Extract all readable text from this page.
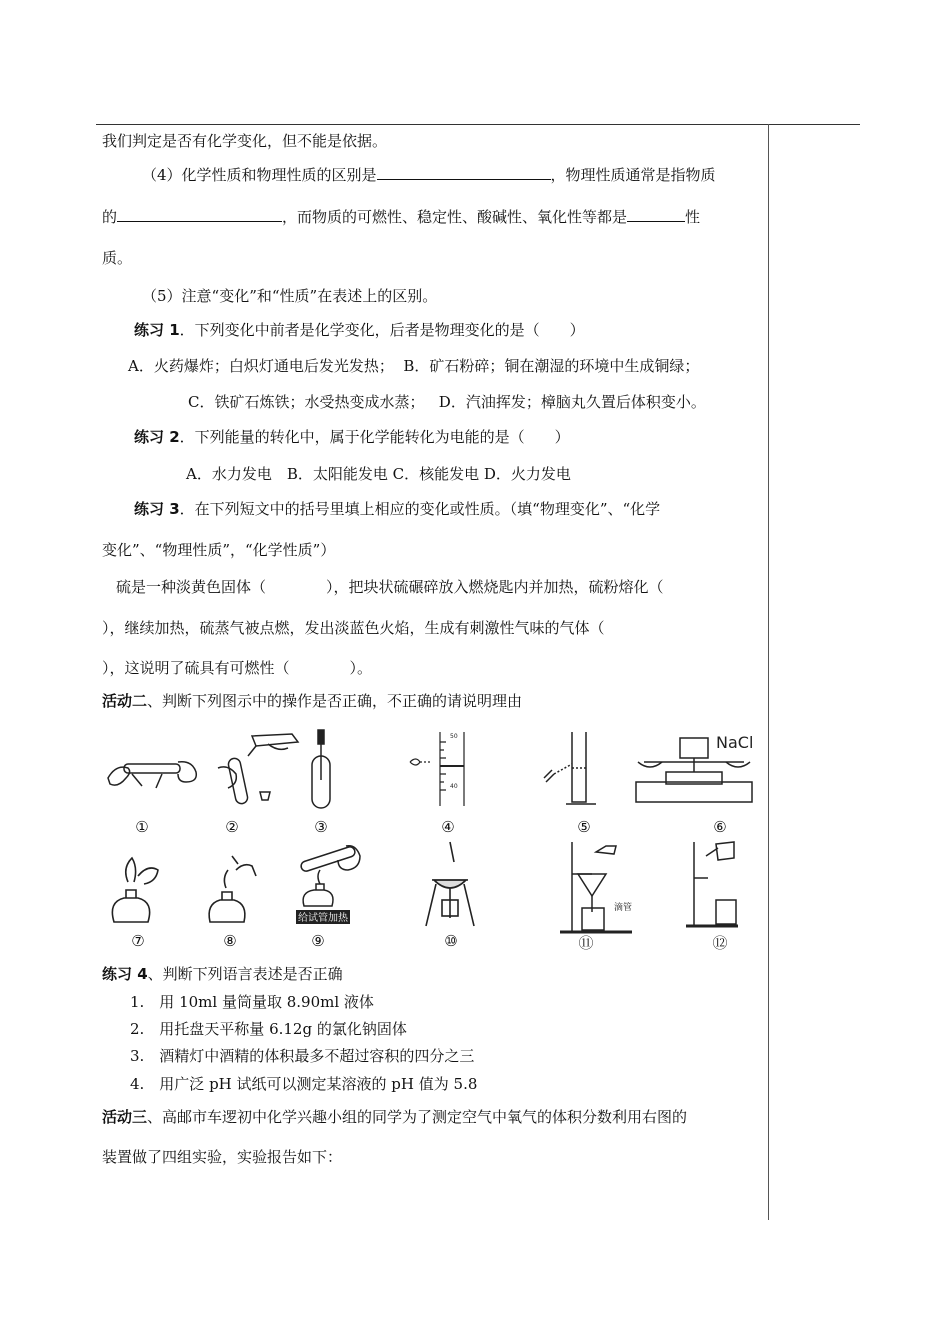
我们判定是否有化学变化，但不能是依据。
（4）化学性质和物理性质的区别是	，物理性质通常是指物质
的	，而物质的可燃性、稳定性、酸碱性、氧化性等都是	性
质。
（5）注意“变化”和“性质”在表述上的区别。
练习 1．下列变化中前者是化学变化，后者是物理变化的是（　　）
A．火药爆炸；白炽灯通电后发光发热； B．矿石粉碎；铜在潮湿的环境中生成铜绿；
C．铁矿石炼铁；水受热变成水蒸； D．汽油挥发；樟脑丸久置后体积变小。
练习 2．下列能量的转化中，属于化学能转化为电能的是（　　）
A．水力发电　B．太阳能发电 C．核能发电 D．火力发电
练习 3．在下列短文中的括号里填上相应的变化或性质。（填“物理变化”、“化学
变化”、“物理性质”，“化学性质”）
硫是一种淡黄色固体（　　　　），把块状硫碾碎放入燃烧匙内并加热，硫粉熔化（
），继续加热，硫蒸气被点燃，发出淡蓝色火焰，生成有刺激性气味的气体（
），这说明了硫具有可燃性（　　　　）。
活动二、判断下列图示中的操作是否正确，不正确的请说明理由
50
40
NaCl
①	②	③	④	⑤	⑥
给试管加热
滴管
⑦	⑧	⑨	⑩	⑪	⑫
练习 4、判断下列语言表述是否正确
1.　用 10ml 量筒量取 8.90ml 液体
2.　用托盘天平称量 6.12g 的氯化钠固体
3.　酒精灯中酒精的体积最多不超过容积的四分之三
4.　用广泛 pH 试纸可以测定某溶液的 pH 值为 5.8
活动三、高邮市车逻初中化学兴趣小组的同学为了测定空气中氧气的体积分数利用右图的
装置做了四组实验，实验报告如下：
